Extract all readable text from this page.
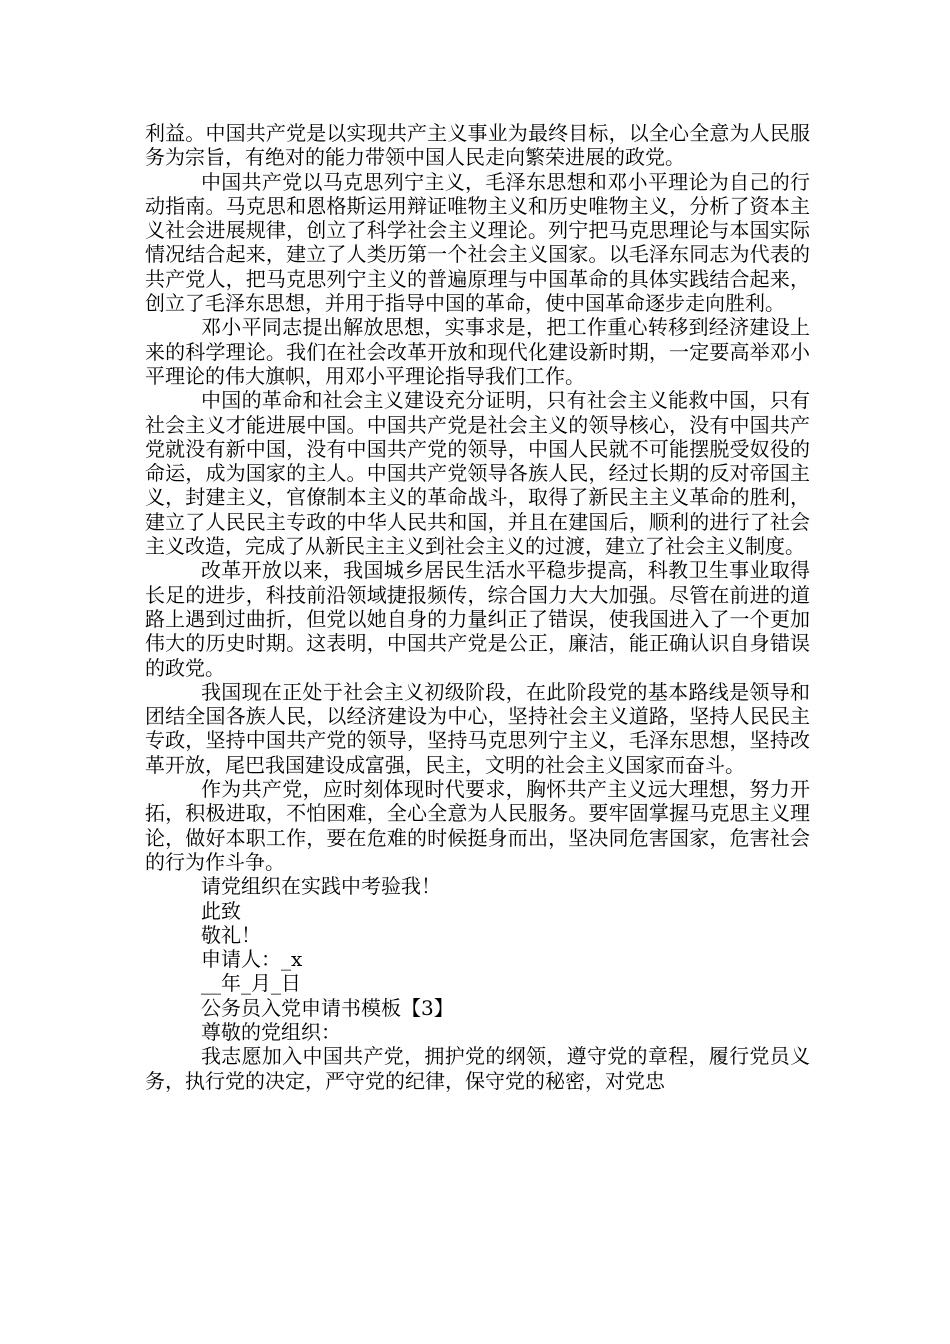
利益。中国共产党是以实现共产主义事业为最终目标，以全心全意为人民服务为宗旨，有绝对的能力带领中国人民走向繁荣进展的政党。

中国共产党以马克思列宁主义，毛泽东思想和邓小平理论为自己的行动指南。马克思和恩格斯运用辩证唯物主义和历史唯物主义，分析了资本主义社会进展规律，创立了科学社会主义理论。列宁把马克思理论与本国实际情况结合起来，建立了人类历第一个社会主义国家。以毛泽东同志为代表的共产党人，把马克思列宁主义的普遍原理与中国革命的具体实践结合起来，创立了毛泽东思想，并用于指导中国的革命，使中国革命逐步走向胜利。

邓小平同志提出解放思想，实事求是，把工作重心转移到经济建设上来的科学理论。我们在社会改革开放和现代化建设新时期，一定要高举邓小平理论的伟大旗帜，用邓小平理论指导我们工作。

中国的革命和社会主义建设充分证明，只有社会主义能救中国，只有社会主义才能进展中国。中国共产党是社会主义的领导核心，没有中国共产党就没有新中国，没有中国共产党的领导，中国人民就不可能摆脱受奴役的命运，成为国家的主人。中国共产党领导各族人民，经过长期的反对帝国主义，封建主义，官僚制本主义的革命战斗，取得了新民主主义革命的胜利，建立了人民民主专政的中华人民共和国，并且在建国后，顺利的进行了社会主义改造，完成了从新民主主义到社会主义的过渡，建立了社会主义制度。

改革开放以来，我国城乡居民生活水平稳步提高，科教卫生事业取得长足的进步，科技前沿领域捷报频传，综合国力大大加强。尽管在前进的道路上遇到过曲折，但党以她自身的力量纠正了错误，使我国进入了一个更加伟大的历史时期。这表明，中国共产党是公正，廉洁，能正确认识自身错误的政党。

我国现在正处于社会主义初级阶段，在此阶段党的基本路线是领导和团结全国各族人民，以经济建设为中心，坚持社会主义道路，坚持人民民主专政，坚持中国共产党的领导，坚持马克思列宁主义，毛泽东思想，坚持改革开放，尾巴我国建设成富强，民主，文明的社会主义国家而奋斗。

作为共产党，应时刻体现时代要求，胸怀共产主义远大理想，努力开拓，积极进取，不怕困难，全心全意为人民服务。要牢固掌握马克思主义理论，做好本职工作，要在危难的时候挺身而出，坚决同危害国家，危害社会的行为作斗争。

请党组织在实践中考验我！

此致

敬礼！

申请人：_x

__年_月_日

公务员入党申请书模板【3】

尊敬的党组织：

我志愿加入中国共产党，拥护党的纲领，遵守党的章程，履行党员义务，执行党的决定，严守党的纪律，保守党的秘密，对党忠
